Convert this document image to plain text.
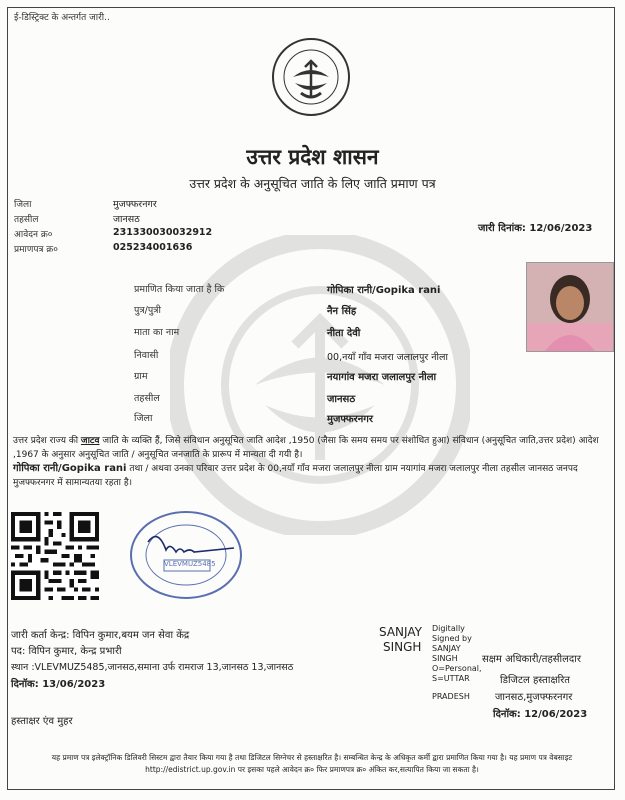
ई-डिस्ट्रिक्ट के अन्तर्गत जारी..
उत्तर प्रदेश शासन
उत्तर प्रदेश के अनुसूचित जाति के लिए जाति प्रमाण पत्र
जिला	मुजफ्फरनगर
तहसील	जानसठ
आवेदन क्र०	231330030032912
प्रमाणपत्र क्र०	025234001636
जारी दिनांक: 12/06/2023
प्रमाणित किया जाता है कि	गोपिका रानी/Gopika rani
पुत्र/पुत्री	नैन सिंह
माता का नाम	नीता देवी
निवासी	00,नयाँ गाँव मजरा जलालपुर नीला
ग्राम	नयागांव मजरा जलालपुर नीला
तहसील	जानसठ
जिला	मुजफ्फरनगर
उत्तर प्रदेश राज्य की जाटव जाति के व्यक्ति हैं, जिसे संविधान अनुसूचित जाति आदेश ,1950 (जैसा कि समय समय पर संशोधित हुआ) संविधान (अनुसूचित जाति,उत्तर प्रदेश) आदेश ,1967 के अनुसार अनुसूचित जाति / अनुसूचित जनजाति के प्रारूप में मान्यता दी गयी है।
गोपिका रानी/Gopika rani तथा / अथवा उनका परिवार उत्तर प्रदेश के 00,नयाँ गाँव मजरा जलालपुर नीला ग्राम नयागांव मजरा जलालपुर नीला तहसील जानसठ जनपद मुजफ्फरनगर में सामान्यतया रहता है।
VLEVMUZ5485
जारी कर्ता केन्द्र: विपिन कुमार,बयम जन सेवा केंद्र
पद: विपिन कुमार, केन्द्र प्रभारी
स्थान :VLEVMUZ5485,जानसठ,समाना उर्फ रामराज 13,जानसठ 13,जानसठ
दिनॉक: 13/06/2023
SANJAY
SINGH
Digitally
Signed by
SANJAY
SINGH
O=Personal,
S=UTTAR
PRADESH
सक्षम अधिकारी/तहसीलदार
डिजिटल हस्ताक्षरित
जानसठ,मुजफ्फरनगर
दिनॉक: 12/06/2023
हस्ताक्षर एंव मुहर
यह प्रमाण पत्र इलेक्ट्रॉनिक डिलिवरी सिस्टम द्वारा तैयार किया गया है तथा डिजिटल सिग्नेचर से हस्ताक्षरित है। सम्बन्धित केन्द्र के अधिकृत कर्मी द्वारा प्रमाणित किया गया है। यह प्रमाण पत्र वेबसाइट http://edistrict.up.gov.in पर इसका पहले आवेदन क्र० फिर प्रमाणपत्र क्र० अंकित कर,सत्यापित किया जा सकता है।
